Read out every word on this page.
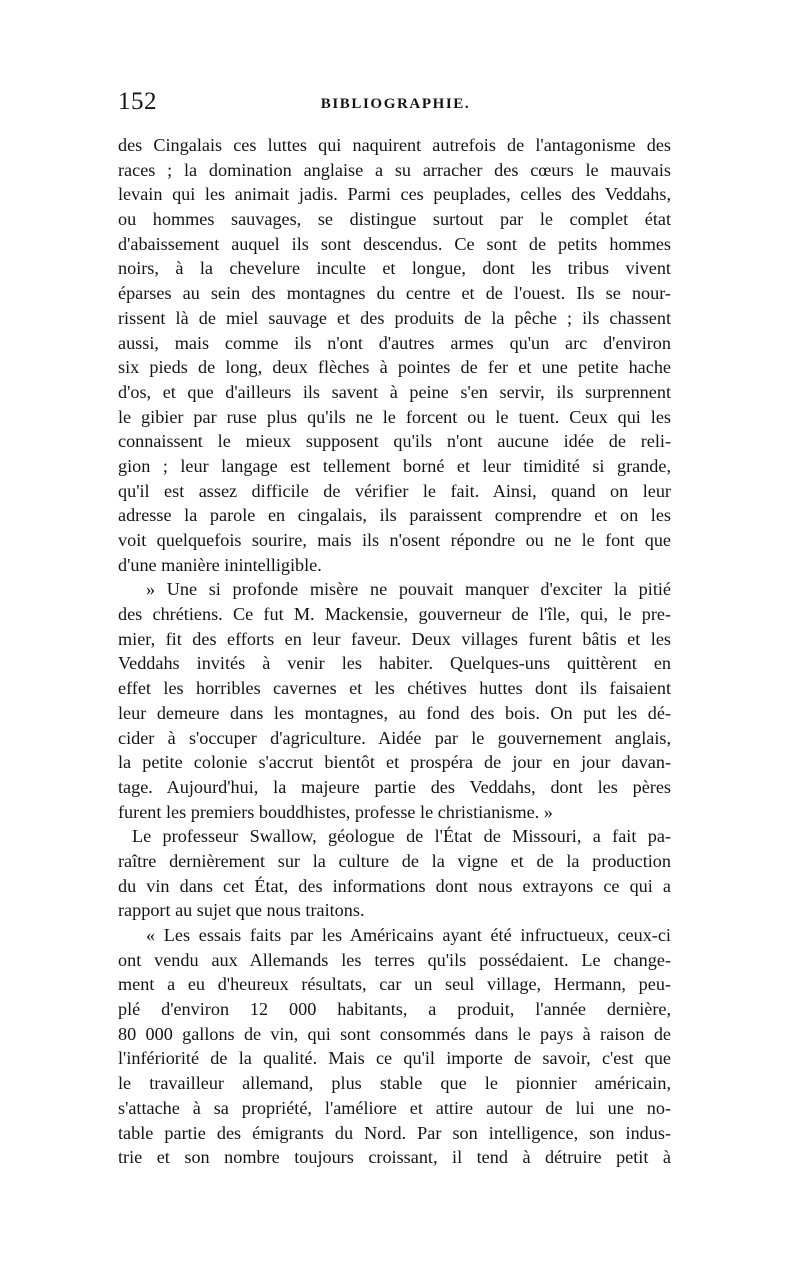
152	BIBLIOGRAPHIE.
des Cingalais ces luttes qui naquirent autrefois de l'antagonisme des
races ; la domination anglaise a su arracher des cœurs le mauvais
levain qui les animait jadis. Parmi ces peuplades, celles des Veddahs,
ou hommes sauvages, se distingue surtout par le complet état
d'abaissement auquel ils sont descendus. Ce sont de petits hommes
noirs, à la chevelure inculte et longue, dont les tribus vivent
éparses au sein des montagnes du centre et de l'ouest. Ils se nour-
rissent là de miel sauvage et des produits de la pêche ; ils chassent
aussi, mais comme ils n'ont d'autres armes qu'un arc d'environ
six pieds de long, deux flèches à pointes de fer et une petite hache
d'os, et que d'ailleurs ils savent à peine s'en servir, ils surprennent
le gibier par ruse plus qu'ils ne le forcent ou le tuent. Ceux qui les
connaissent le mieux supposent qu'ils n'ont aucune idée de reli-
gion ; leur langage est tellement borné et leur timidité si grande,
qu'il est assez difficile de vérifier le fait. Ainsi, quand on leur
adresse la parole en cingalais, ils paraissent comprendre et on les
voit quelquefois sourire, mais ils n'osent répondre ou ne le font que
d'une manière inintelligible.
» Une si profonde misère ne pouvait manquer d'exciter la pitié
des chrétiens. Ce fut M. Mackensie, gouverneur de l'île, qui, le pre-
mier, fit des efforts en leur faveur. Deux villages furent bâtis et les
Veddahs invités à venir les habiter. Quelques-uns quittèrent en
effet les horribles cavernes et les chétives huttes dont ils faisaient
leur demeure dans les montagnes, au fond des bois. On put les dé-
cider à s'occuper d'agriculture. Aidée par le gouvernement anglais,
la petite colonie s'accrut bientôt et prospéra de jour en jour davan-
tage. Aujourd'hui, la majeure partie des Veddahs, dont les pères
furent les premiers bouddhistes, professe le christianisme. »
Le professeur Swallow, géologue de l'État de Missouri, a fait pa-
raître dernièrement sur la culture de la vigne et de la production
du vin dans cet État, des informations dont nous extrayons ce qui a
rapport au sujet que nous traitons.
« Les essais faits par les Américains ayant été infructueux, ceux-ci
ont vendu aux Allemands les terres qu'ils possédaient. Le change-
ment a eu d'heureux résultats, car un seul village, Hermann, peu-
plé d'environ 12 000 habitants, a produit, l'année dernière,
80 000 gallons de vin, qui sont consommés dans le pays à raison de
l'infériorité de la qualité. Mais ce qu'il importe de savoir, c'est que
le travailleur allemand, plus stable que le pionnier américain,
s'attache à sa propriété, l'améliore et attire autour de lui une no-
table partie des émigrants du Nord. Par son intelligence, son indus-
trie et son nombre toujours croissant, il tend à détruire petit à
